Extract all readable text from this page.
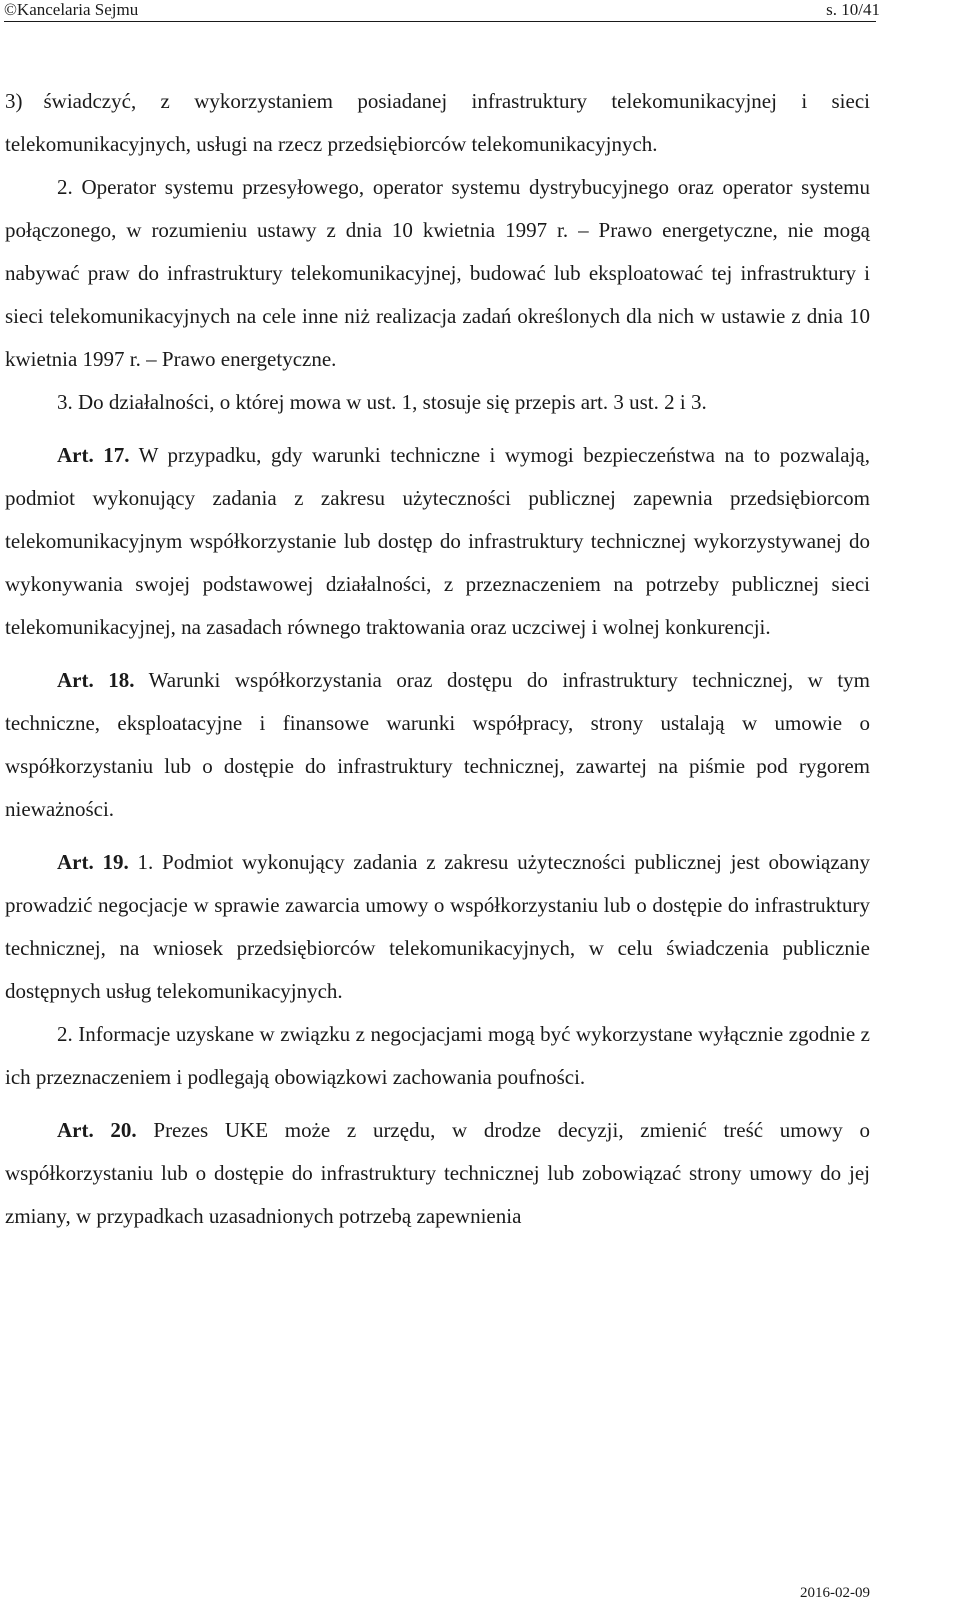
©Kancelaria Sejmu	s. 10/41

3) świadczyć, z wykorzystaniem posiadanej infrastruktury telekomunikacyjnej i sieci telekomunikacyjnych, usługi na rzecz przedsiębiorców telekomunikacyjnych.

2. Operator systemu przesyłowego, operator systemu dystrybucyjnego oraz operator systemu połączonego, w rozumieniu ustawy z dnia 10 kwietnia 1997 r. – Prawo energetyczne, nie mogą nabywać praw do infrastruktury telekomunikacyjnej, budować lub eksploatować tej infrastruktury i sieci telekomunikacyjnych na cele inne niż realizacja zadań określonych dla nich w ustawie z dnia 10 kwietnia 1997 r. – Prawo energetyczne.

3. Do działalności, o której mowa w ust. 1, stosuje się przepis art. 3 ust. 2 i 3.

Art. 17. W przypadku, gdy warunki techniczne i wymogi bezpieczeństwa na to pozwalają, podmiot wykonujący zadania z zakresu użyteczności publicznej zapewnia przedsiębiorcom telekomunikacyjnym współkorzystanie lub dostęp do infrastruktury technicznej wykorzystywanej do wykonywania swojej podstawowej działalności, z przeznaczeniem na potrzeby publicznej sieci telekomunikacyjnej, na zasadach równego traktowania oraz uczciwej i wolnej konkurencji.

Art. 18. Warunki współkorzystania oraz dostępu do infrastruktury technicznej, w tym techniczne, eksploatacyjne i finansowe warunki współpracy, strony ustalają w umowie o współkorzystaniu lub o dostępie do infrastruktury technicznej, zawartej na piśmie pod rygorem nieważności.

Art. 19. 1. Podmiot wykonujący zadania z zakresu użyteczności publicznej jest obowiązany prowadzić negocjacje w sprawie zawarcia umowy o współkorzystaniu lub o dostępie do infrastruktury technicznej, na wniosek przedsiębiorców telekomunikacyjnych, w celu świadczenia publicznie dostępnych usług telekomunikacyjnych.

2. Informacje uzyskane w związku z negocjacjami mogą być wykorzystane wyłącznie zgodnie z ich przeznaczeniem i podlegają obowiązkowi zachowania poufności.

Art. 20. Prezes UKE może z urzędu, w drodze decyzji, zmienić treść umowy o współkorzystaniu lub o dostępie do infrastruktury technicznej lub zobowiązać strony umowy do jej zmiany, w przypadkach uzasadnionych potrzebą zapewnienia

2016-02-09
